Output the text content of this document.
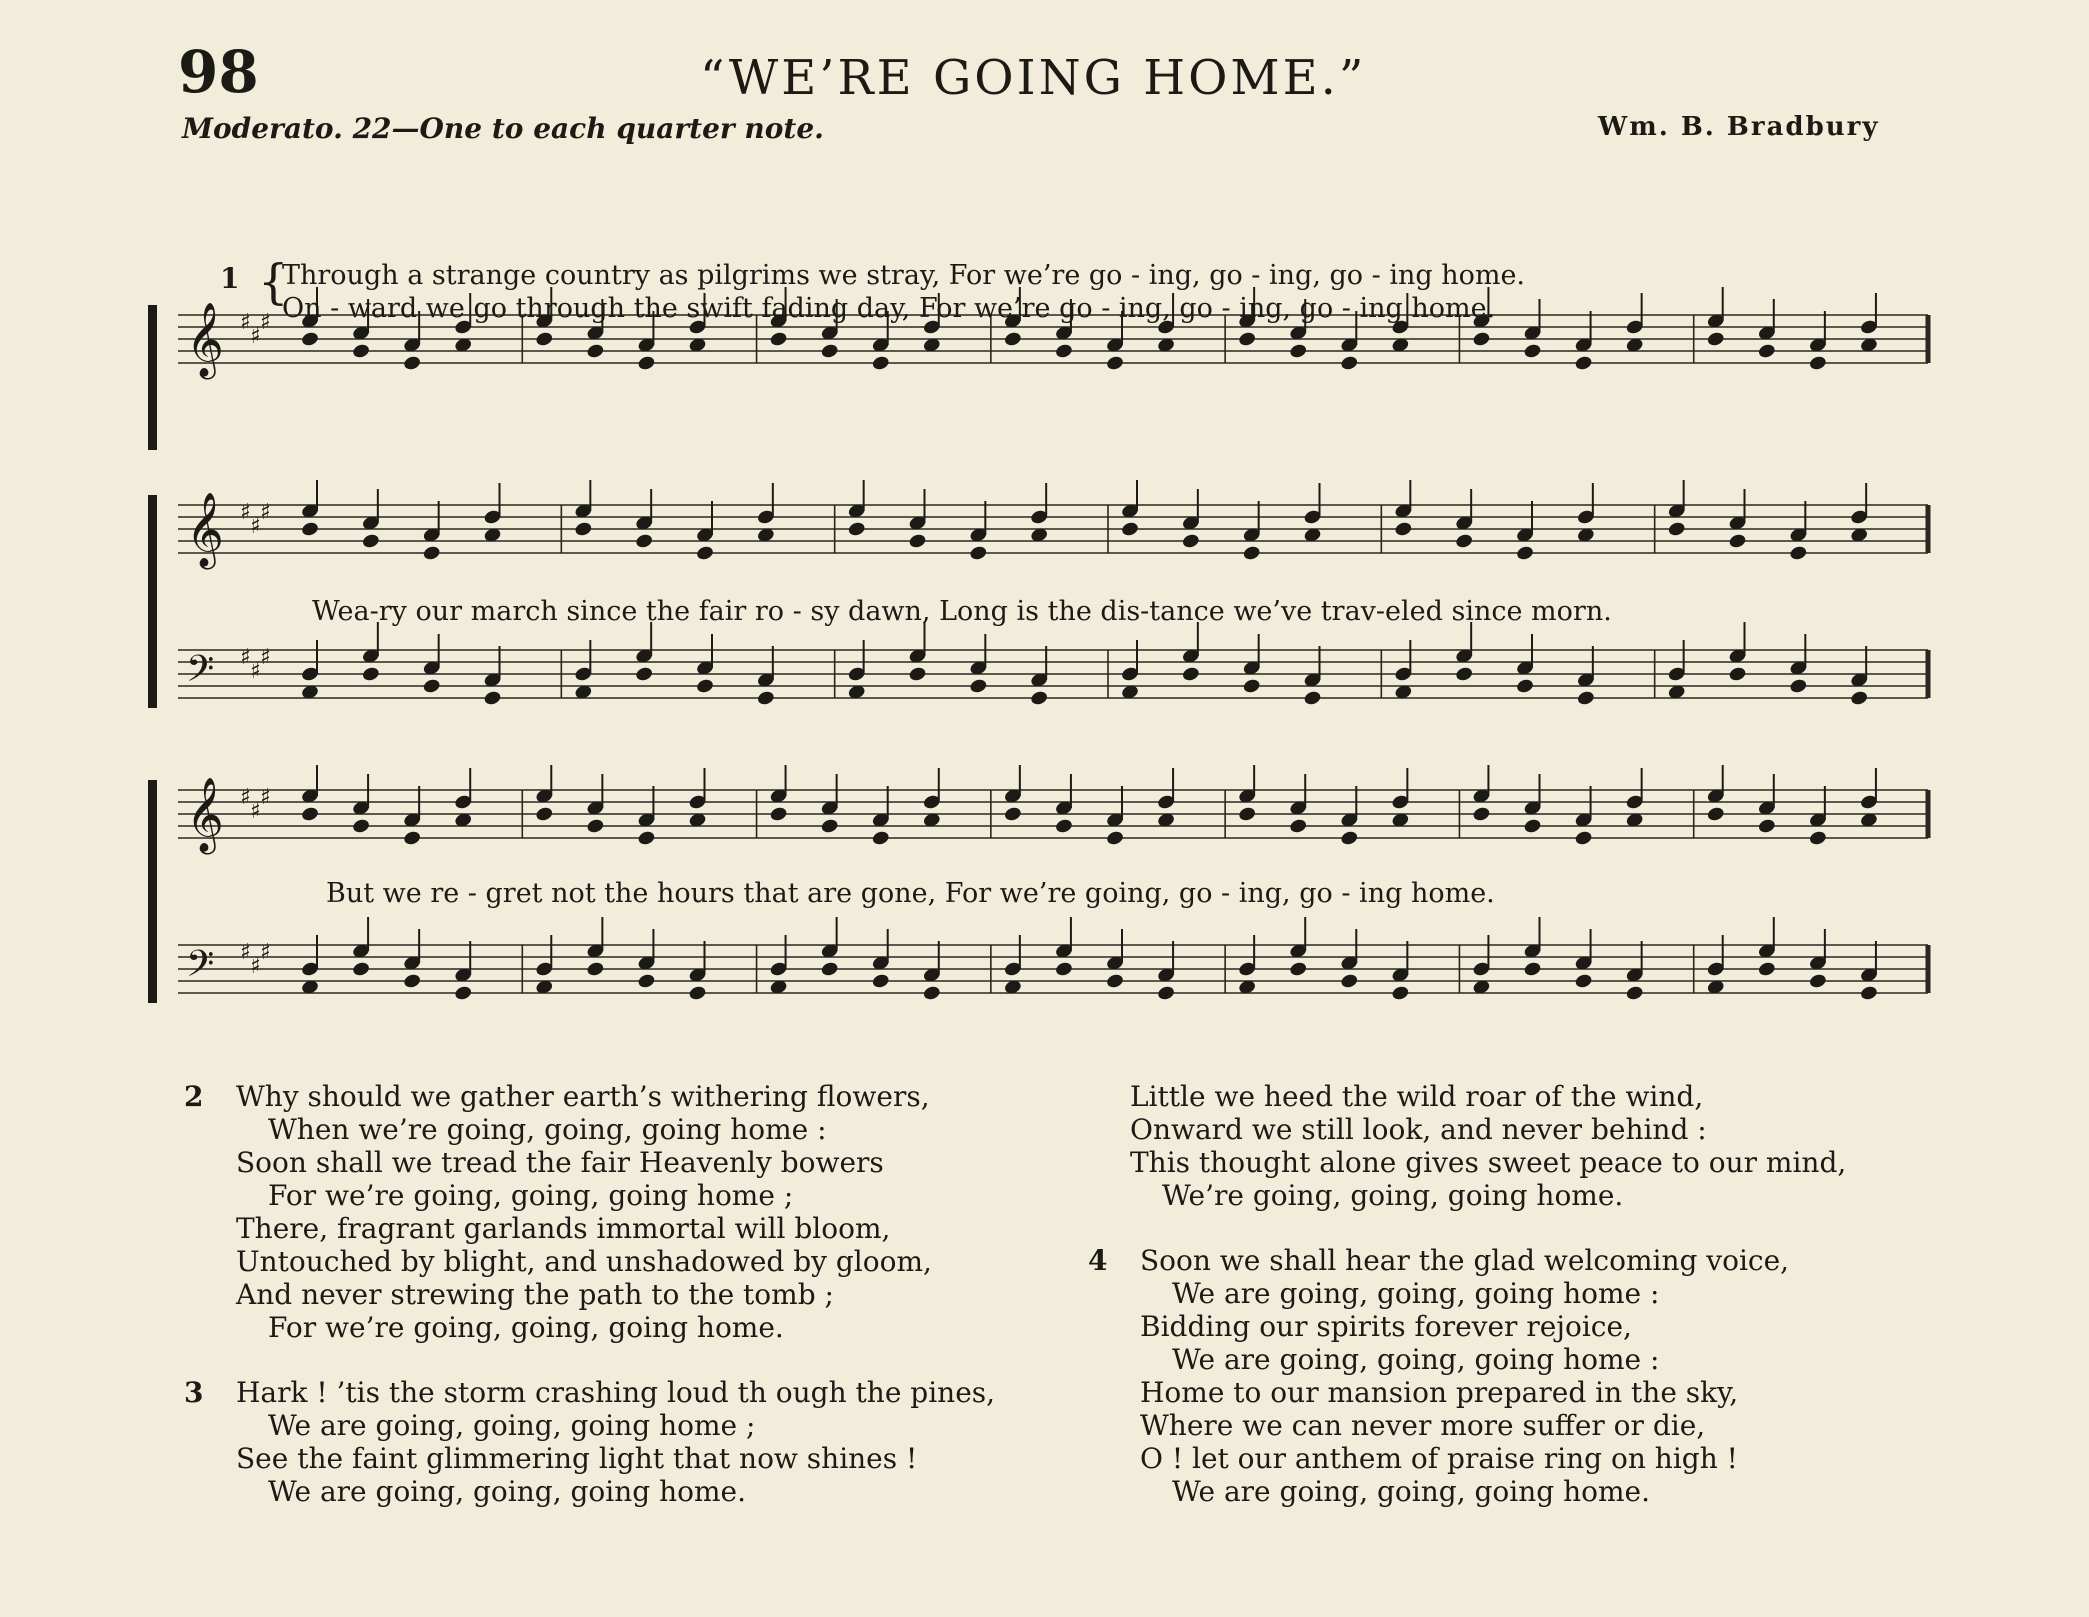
98	“WE’RE GOING HOME.”
Moderato. 22—One to each quarter note.	Wm. B. Bradbury
𝄞 ♯
♯
♯
1 {
Through a strange country as pilgrims we stray, For we’re go - ing, go - ing, go - ing home.
On - ward we go through the swift fading day, For we’re go - ing, go - ing, go - ing home.
𝄞 ♯
♯
♯
𝄢 ♯
♯
♯
Wea-ry our march since the fair ro - sy dawn, Long is the dis-tance we’ve trav-eled since morn.
𝄞 ♯
♯
♯
𝄢 ♯
♯
♯
But we re - gret not the hours that are gone, For we’re going, go - ing, go - ing home.
2 Why should we gather earth’s withering flowers,
When we’re going, going, going home :
Soon shall we tread the fair Heavenly bowers
For we’re going, going, going home ;
There, fragrant garlands immortal will bloom,
Untouched by blight, and unshadowed by gloom,
And never strewing the path to the tomb ;
For we’re going, going, going home.
3 Hark ! ’tis the storm crashing loud th ough the pines,
We are going, going, going home ;
See the faint glimmering light that now shines !
We are going, going, going home.
Little we heed the wild roar of the wind,
Onward we still look, and never behind :
This thought alone gives sweet peace to our mind,
We’re going, going, going home.
4 Soon we shall hear the glad welcoming voice,
We are going, going, going home :
Bidding our spirits forever rejoice,
We are going, going, going home :
Home to our mansion prepared in the sky,
Where we can never more suffer or die,
O ! let our anthem of praise ring on high !
We are going, going, going home.
